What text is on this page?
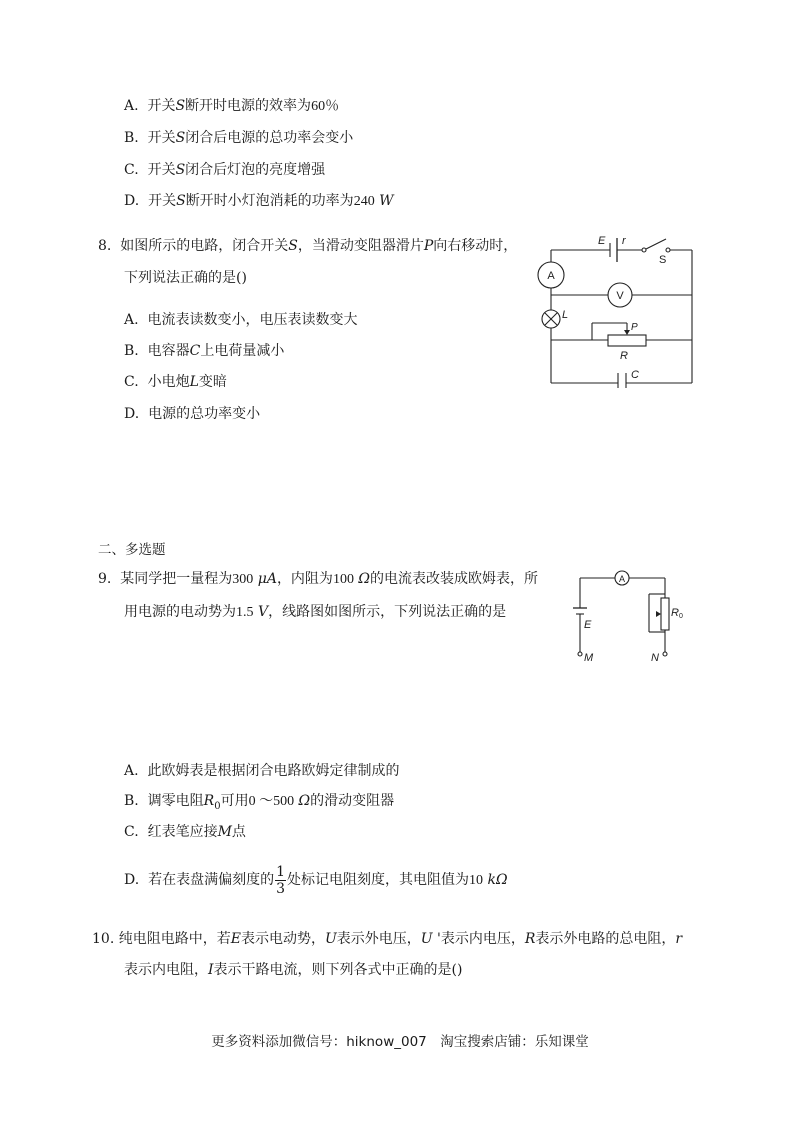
A. 开关S断开时电源的效率为60％
B. 开关S闭合后电源的总功率会变小
C. 开关S闭合后灯泡的亮度增强
D. 开关S断开时小灯泡消耗的功率为240 W
8. 如图所示的电路，闭合开关S，当滑动变阻器滑片P向右移动时，
下列说法正确的是()
A. 电流表读数变小，电压表读数变大
B. 电容器C上电荷量减小
C. 小电炮L变暗
D. 电源的总功率变小
E r
S
A
V
L
P
R
C
二、多选题
9. 某同学把一量程为300 μA，内阻为100 Ω的电流表改装成欧姆表，所
用电源的电动势为1.5 V，线路图如图所示，下列说法正确的是
A
E
R0
M	N
A. 此欧姆表是根据闭合电路欧姆定律制成的
B. 调零电阻$R_0$可用0 ～500 Ω的滑动变阻器
C. 红表笔应接M点
D. 若在表盘满偏刻度的 $\frac{1}{3}$ 处标记电阻刻度，其电阻值为10 kΩ
10. 纯电阻电路中，若E表示电动势，U表示外电压，U '表示内电压，R表示外电路的总电阻，r
表示内电阻，I表示干路电流，则下列各式中正确的是()
更多资料添加微信号：hiknow_007　淘宝搜索店铺：乐知课堂
